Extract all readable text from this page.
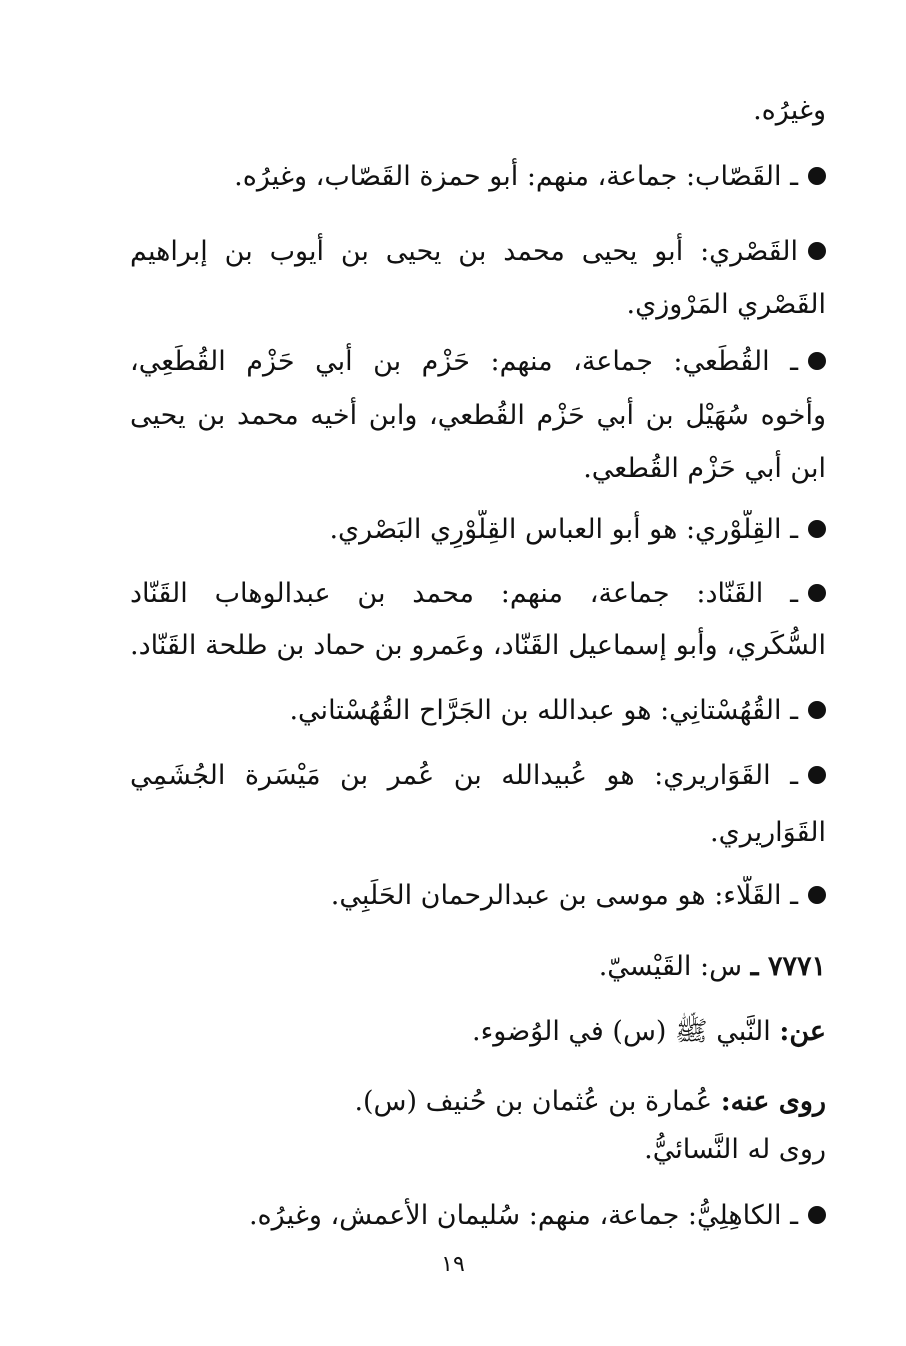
وغيرُه.
ـ القَصّاب: جماعة، منهم: أبو حمزة القَصّاب، وغيرُه.
القَصْري: أبو يحيى محمد بن يحيى بن أيوب بن إبراهيم
القَصْري المَرْوزي.
ـ القُطَعي: جماعة، منهم: حَزْم بن أبي حَزْم القُطَعِي،
وأخوه سُهَيْل بن أبي حَزْم القُطعي، وابن أخيه محمد بن يحيى
ابن أبي حَزْم القُطعي.
ـ القِلَّوْري: هو أبو العباس القِلَّوْرِي البَصْري.
ـ القَنّاد: جماعة، منهم: محمد بن عبدالوهاب القَنّاد
السُّكَري، وأبو إسماعيل القَنّاد، وعَمرو بن حماد بن طلحة القَنّاد.
ـ القُهُسْتانِي: هو عبدالله بن الجَرَّاح القُهُسْتاني.
ـ القَوَاريري: هو عُبيدالله بن عُمر بن مَيْسَرة الجُشَمِي
القَوَاريري.
ـ القَلّاء: هو موسى بن عبدالرحمان الحَلَبِي.
٧٧٧١ ـ س: القَيْسيّ.
عن: النَّبي ﷺ (س) في الوُضوء.
روى عنه: عُمارة بن عُثمان بن حُنيف (س).
روى له النَّسائيُّ.
ـ الكاهِلِيُّ: جماعة، منهم: سُليمان الأعمش، وغيرُه.
١٩
